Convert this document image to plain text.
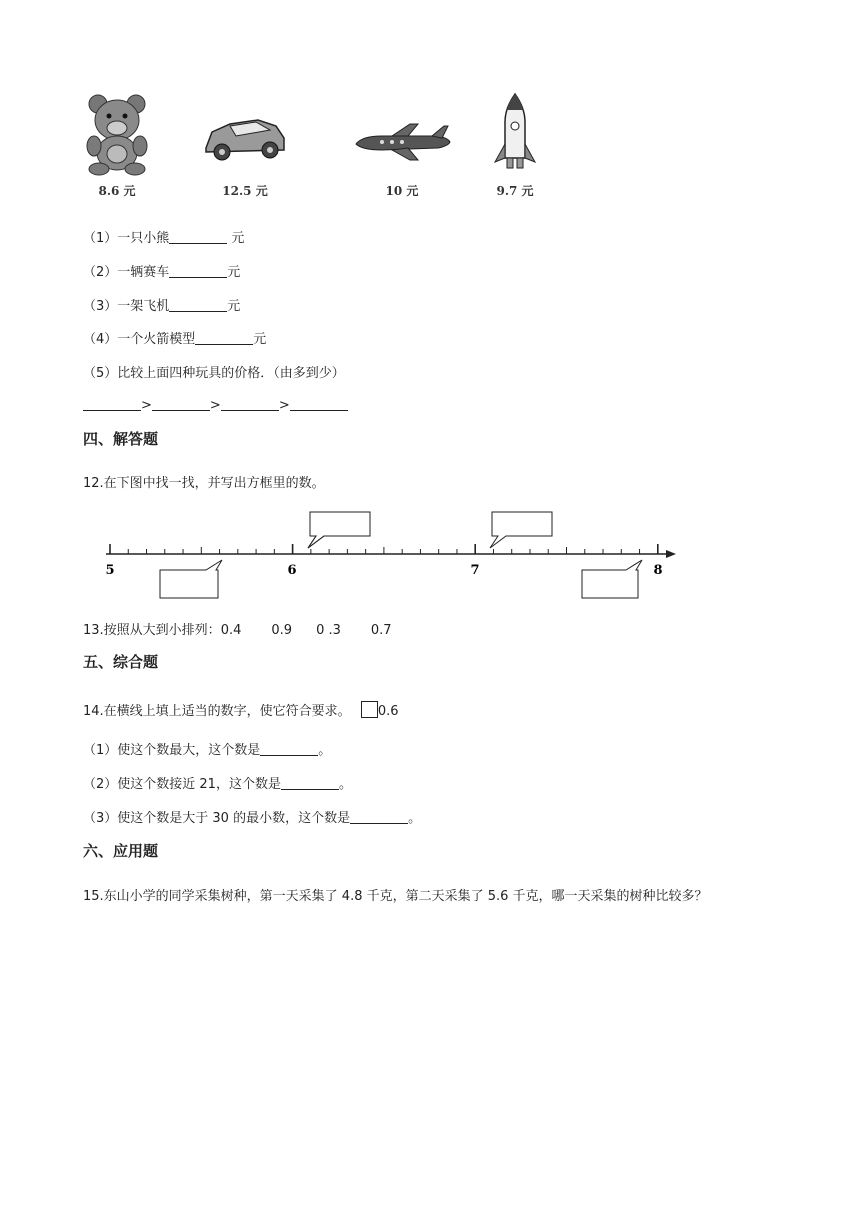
8.6 元	12.5 元	10 元	9.7 元
（1）一只小熊	元
（2）一辆赛车	元
（3）一架飞机	元
（4）一个火箭模型	元
（5）比较上面四种玩具的价格．（由多到少）
>	>	>
四、解答题
12.在下图中找一找，并写出方框里的数。
5	6	7	8
13.按照从大到小排列：0.4 0.9 0 .3 0.7
五、综合题
14.在横线上填上适当的数字，使它符合要求。 0.6
（1）使这个数最大，这个数是	。
（2）使这个数接近 21，这个数是	。
（3）使这个数是大于 30 的最小数，这个数是	。
六、应用题
15.东山小学的同学采集树种，第一天采集了 4.8 千克，第二天采集了 5.6 千克，哪一天采集的树种比较多？
